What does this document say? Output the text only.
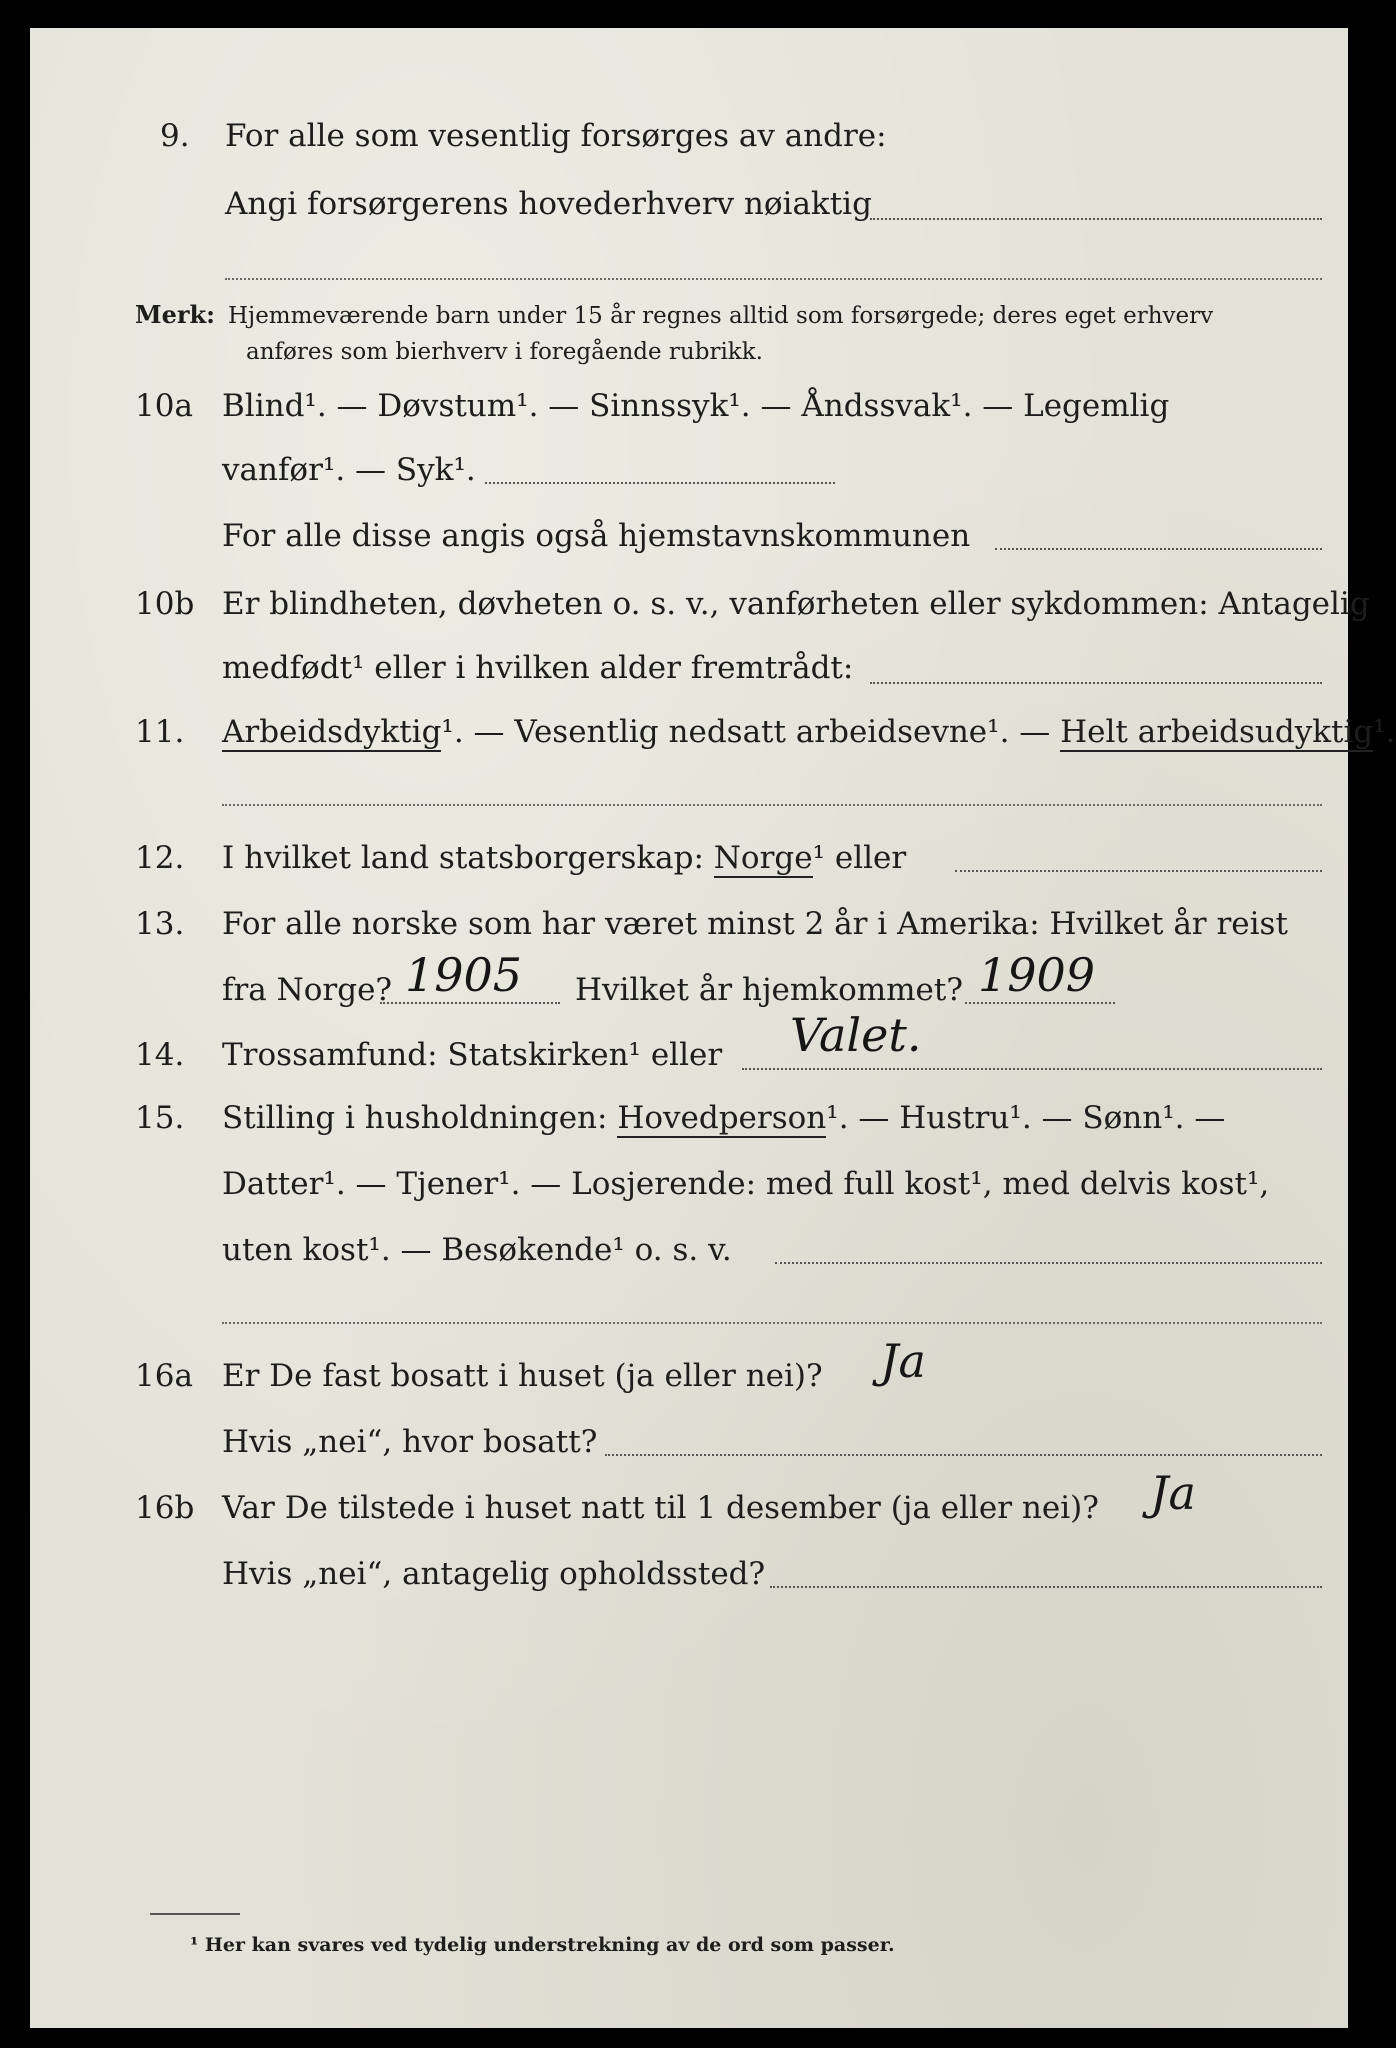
9. For alle som vesentlig forsørges av andre:
Angi forsørgerens hovederhverv nøiaktig
Merk: Hjemmeværende barn under 15 år regnes alltid som forsørgede; deres eget erhverv
anføres som bierhverv i foregående rubrikk.
10a Blind¹. — Døvstum¹. — Sinnssyk¹. — Åndssvak¹. — Legemlig
vanfør¹. — Syk¹.
For alle disse angis også hjemstavnskommunen
10b Er blindheten, døvheten o. s. v., vanførheten eller sykdommen: Antagelig
medfødt¹ eller i hvilken alder fremtrådt:
11. Arbeidsdyktig¹. — Vesentlig nedsatt arbeidsevne¹. — Helt arbeidsudyktig¹.
12. I hvilket land statsborgerskap: Norge¹ eller
13. For alle norske som har været minst 2 år i Amerika: Hvilket år reist
fra Norge? 1905 Hvilket år hjemkommet? 1909
14. Trossamfund: Statskirken¹ eller Valet.
15. Stilling i husholdningen: Hovedperson¹. — Hustru¹. — Sønn¹. —
Datter¹. — Tjener¹. — Losjerende: med full kost¹, med delvis kost¹,
uten kost¹. — Besøkende¹ o. s. v.
16a Er De fast bosatt i huset (ja eller nei)? Ja
Hvis „nei“, hvor bosatt?
16b Var De tilstede i huset natt til 1 desember (ja eller nei)? Ja
Hvis „nei“, antagelig opholdssted?
¹ Her kan svares ved tydelig understrekning av de ord som passer.
